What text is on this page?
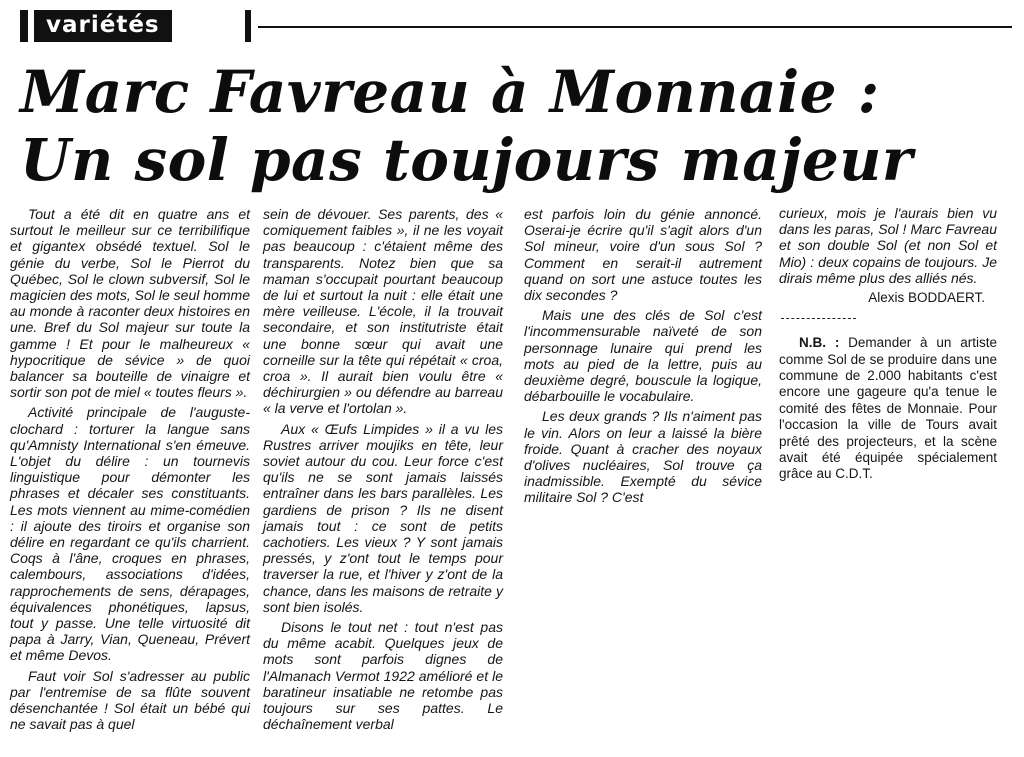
variétés
Marc Favreau à Monnaie :
Un sol pas toujours majeur

Tout a été dit en quatre ans et surtout le meilleur sur ce terribilifique et gigantex obsédé textuel. Sol le génie du verbe, Sol le Pierrot du Québec, Sol le clown subversif, Sol le magicien des mots, Sol le seul homme au monde à raconter deux histoires en une. Bref du Sol majeur sur toute la gamme ! Et pour le malheureux « hypocritique de sévice » de quoi balancer sa bouteille de vinaigre et sortir son pot de miel « toutes fleurs ».

Activité principale de l'auguste-clochard : torturer la langue sans qu'Amnisty International s'en émeuve. L'objet du délire : un tournevis linguistique pour démonter les phrases et décaler ses constituants. Les mots viennent au mime-comédien : il ajoute des tiroirs et organise son délire en regardant ce qu'ils charrient. Coqs à l'âne, croques en phrases, calembours, associations d'idées, rapprochements de sens, dérapages, équivalences phonétiques, lapsus, tout y passe. Une telle virtuosité dit papa à Jarry, Vian, Queneau, Prévert et même Devos.

Faut voir Sol s'adresser au public par l'entremise de sa flûte souvent désenchantée ! Sol était un bébé qui ne savait pas à quel

sein de dévouer. Ses parents, des « comiquement faibles », il ne les voyait pas beaucoup : c'étaient même des transparents. Notez bien que sa maman s'occupait pourtant beaucoup de lui et surtout la nuit : elle était une mère veilleuse. L'école, il la trouvait secondaire, et son institutriste était une bonne sœur qui avait une corneille sur la tête qui répétait « croa, croa ». Il aurait bien voulu être « déchirurgien » ou défendre au barreau « la verve et l'ortolan ».

Aux « Œufs Limpides » il a vu les Rustres arriver moujiks en tête, leur soviet autour du cou. Leur force c'est qu'ils ne se sont jamais laissés entraîner dans les bars parallèles. Les gardiens de prison ? Ils ne disent jamais tout : ce sont de petits cachotiers. Les vieux ? Y sont jamais pressés, y z'ont tout le temps pour traverser la rue, et l'hiver y z'ont de la chance, dans les maisons de retraite y sont bien isolés.

Disons le tout net : tout n'est pas du même acabit. Quelques jeux de mots sont parfois dignes de l'Almanach Vermot 1922 amélioré et le baratineur insatiable ne retombe pas toujours sur ses pattes. Le déchaînement verbal

est parfois loin du génie annoncé. Oserai-je écrire qu'il s'agit alors d'un Sol mineur, voire d'un sous Sol ? Comment en serait-il autrement quand on sort une astuce toutes les dix secondes ?

Mais une des clés de Sol c'est l'incommensurable naïveté de son personnage lunaire qui prend les mots au pied de la lettre, puis au deuxième degré, bouscule la logique, débarbouille le vocabulaire.

Les deux grands ? Ils n'aiment pas le vin. Alors on leur a laissé la bière froide. Quant à cracher des noyaux d'olives nucléaires, Sol trouve ça inadmissible. Exempté du sévice militaire Sol ? C'est

curieux, mois je l'aurais bien vu dans les paras, Sol ! Marc Favreau et son double Sol (et non Sol et Mio) : deux copains de toujours. Je dirais même plus des alliés nés.

Alexis BODDAERT.

N.B. : Demander à un artiste comme Sol de se produire dans une commune de 2.000 habitants c'est encore une gageure qu'a tenue le comité des fêtes de Monnaie. Pour l'occasion la ville de Tours avait prêté des projecteurs, et la scène avait été équipée spécialement grâce au C.D.T.
